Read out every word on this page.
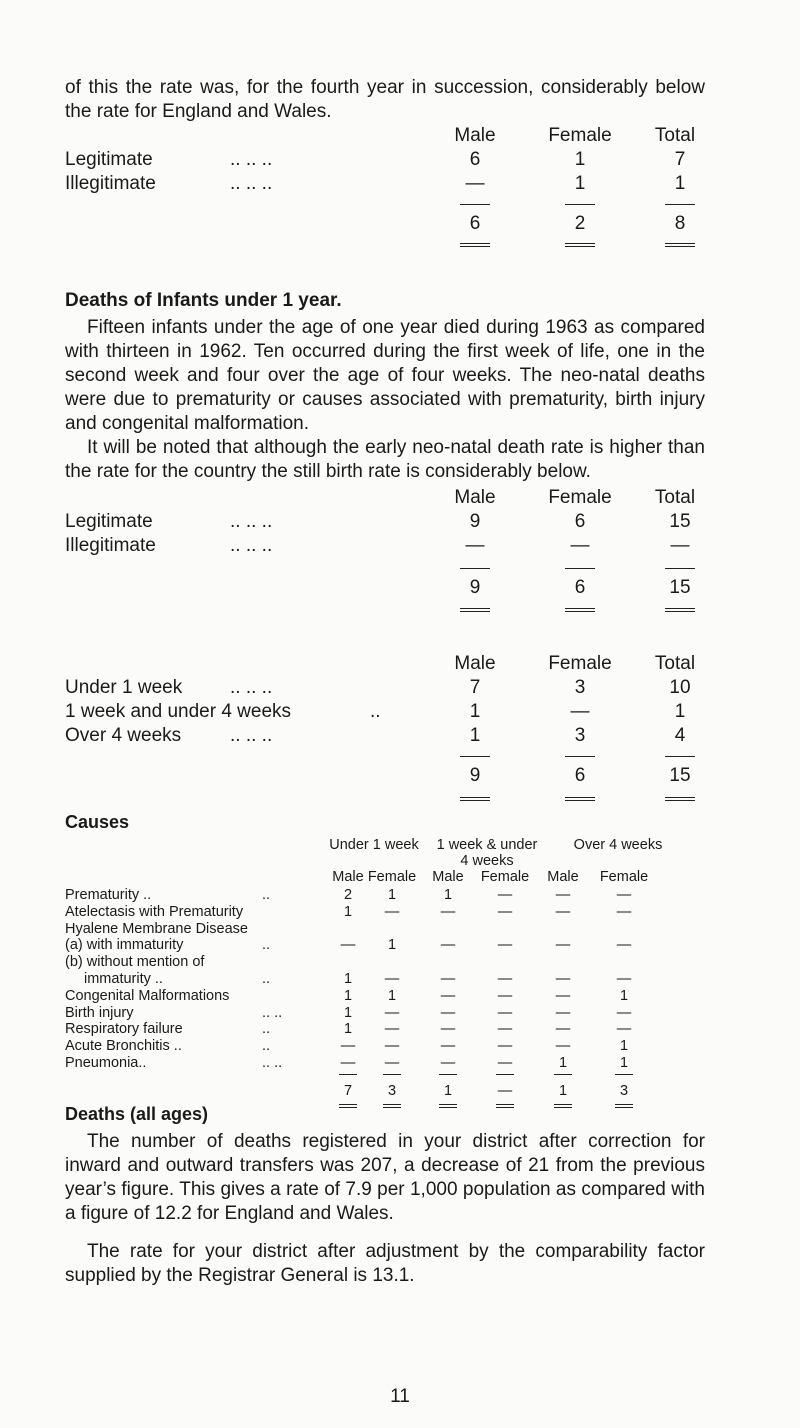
of this the rate was, for the fourth year in succession, considerably below the rate for England and Wales.
Male	Female	Total
Legitimate	.. .. ..	6	1	7
Illegitimate	.. .. ..	—	1	1
6	2	8
Deaths of Infants under 1 year.
Fifteen infants under the age of one year died during 1963 as compared with thirteen in 1962. Ten occurred during the first week of life, one in the second week and four over the age of four weeks. The neo-natal deaths were due to prematurity or causes associated with prematurity, birth injury and congenital malformation.
It will be noted that although the early neo-natal death rate is higher than the rate for the country the still birth rate is considerably below.
Male	Female	Total
Legitimate	.. .. ..	9	6	15
Illegitimate	.. .. ..	—	—	—
9	6	15
Male	Female	Total
Under 1 week	.. .. ..	7	3	10
1 week and under 4 weeks	..	1	—	1
Over 4 weeks	.. .. ..	1	3	4
9	6	15
Causes
Under 1 week	1 week & under
4 weeks
Over 4 weeks
Male Female Male Female Male Female
Prematurity ..	..	2	1	1	—	—	—
Atelectasis with Prematurity	1	—	—	—	—	—
Hyalene Membrane Disease
(a) with immaturity	..	—	1	—	—	—	—
(b) without mention of
immaturity ..	..	1	—	—	—	—	—
Congenital Malformations	1	1	—	—	—	1
Birth injury	.. ..	1	—	—	—	—	—
Respiratory failure	..	1	—	—	—	—	—
Acute Bronchitis ..	..	—	—	—	—	—	1
Pneumonia..	.. ..	—	—	—	—	1	1
7	3	1	—	1	3
Deaths (all ages)
The number of deaths registered in your district after correction for inward and outward transfers was 207, a decrease of 21 from the previous year’s figure. This gives a rate of 7.9 per 1,000 population as compared with a figure of 12.2 for England and Wales.
The rate for your district after adjustment by the comparability factor supplied by the Registrar General is 13.1.
11
